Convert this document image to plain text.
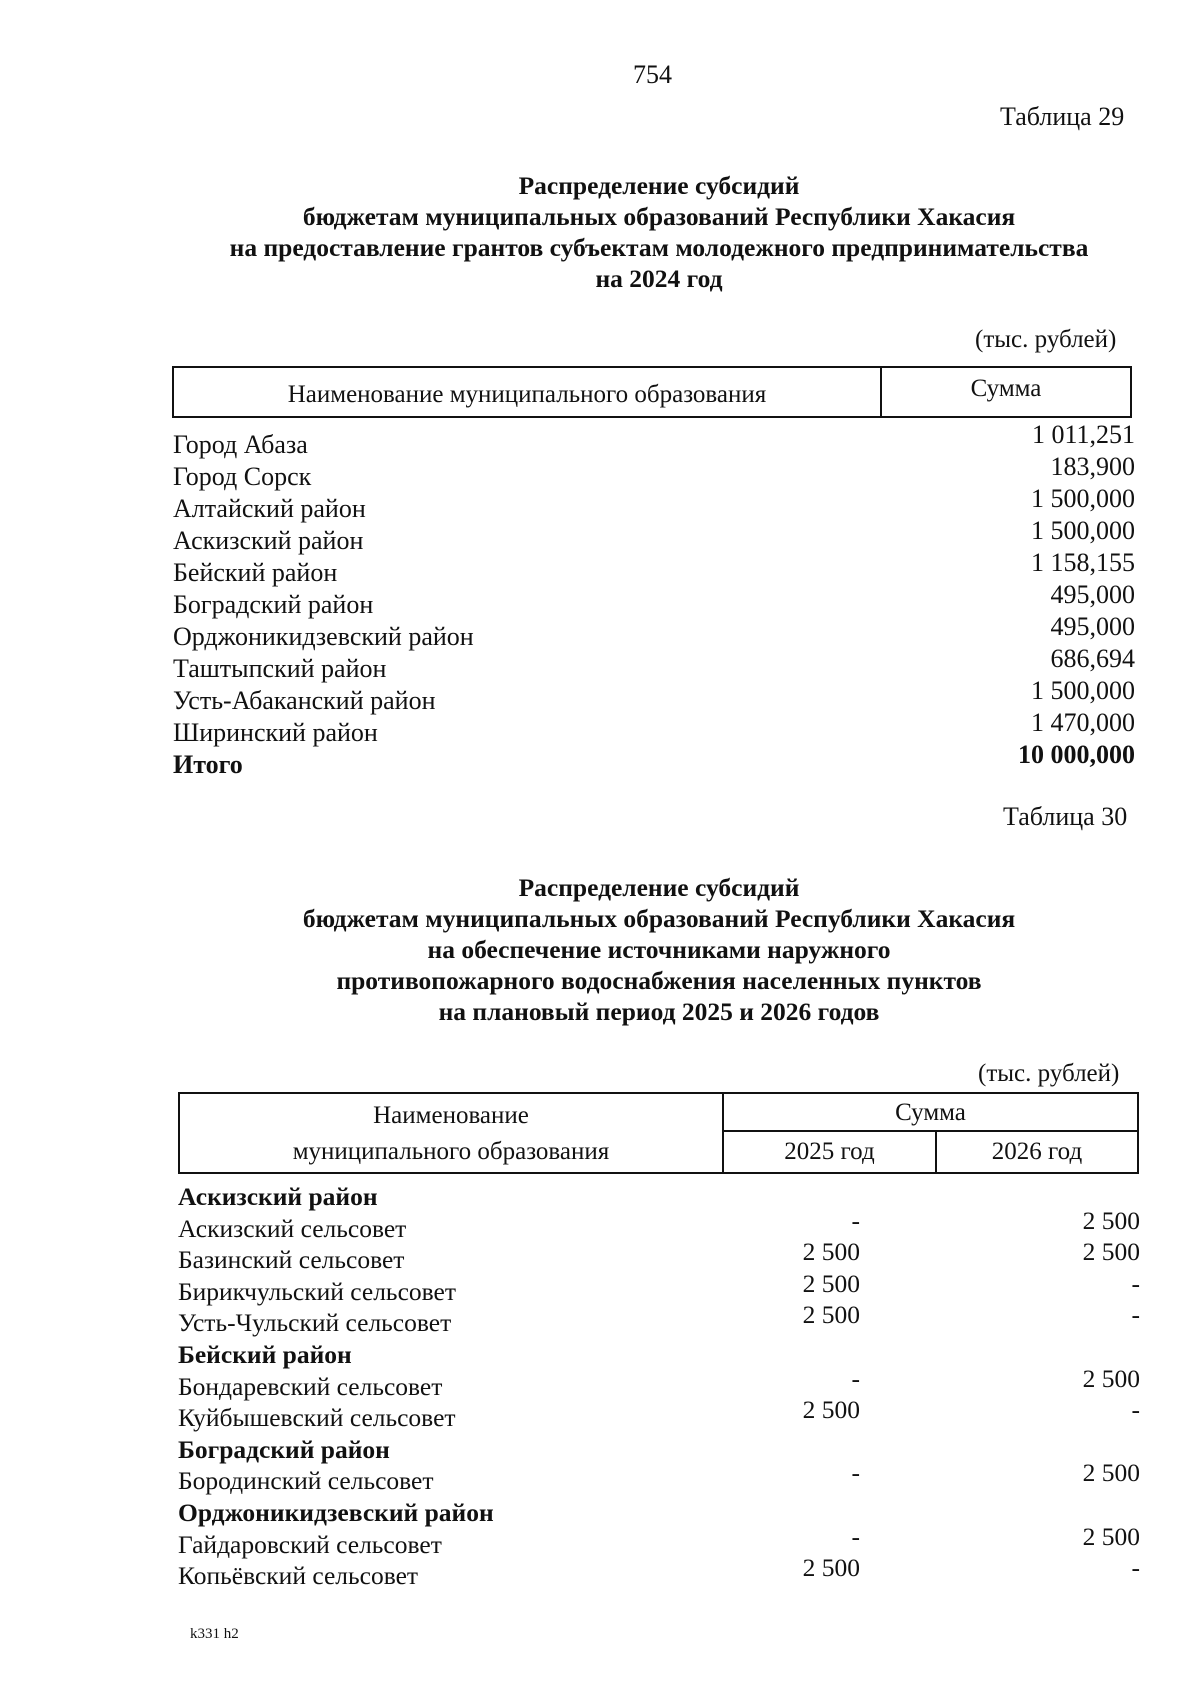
754
Таблица 29
Распределение субсидий
бюджетам муниципальных образований Республики Хакасия
на предоставление грантов субъектам молодежного предпринимательства
на 2024 год
(тыс. рублей)
Наименование муниципального образования	Сумма
Город Абаза	1 011,251
Город Сорск	183,900
Алтайский район	1 500,000
Аскизский район	1 500,000
Бейский район	1 158,155
Боградский район	495,000
Орджоникидзевский район	495,000
Таштыпский район	686,694
Усть-Абаканский район	1 500,000
Ширинский район	1 470,000
Итого	10 000,000
Таблица 30
Распределение субсидий
бюджетам муниципальных образований Республики Хакасия
на обеспечение источниками наружного
противопожарного водоснабжения населенных пунктов
на плановый период 2025 и 2026 годов
(тыс. рублей)
Наименование
муниципального образования
Сумма
2025 год	2026 год
Аскизский район
Аскизский сельсовет	-	2 500
Базинский сельсовет	2 500	2 500
Бирикчульский сельсовет	2 500	-
Усть-Чульский сельсовет	2 500	-
Бейский район
Бондаревский сельсовет	-	2 500
Куйбышевский сельсовет	2 500	-
Боградский район
Бородинский сельсовет	-	2 500
Орджоникидзевский район
Гайдаровский сельсовет	-	2 500
Копьёвский сельсовет	2 500	-
k331 h2
